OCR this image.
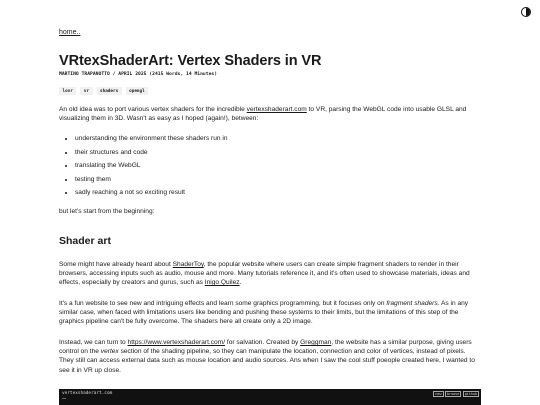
home..
VRtexShaderArt: Vertex Shaders in VR
MARTINO TRAPANOTTO / APRIL 2025 (2415 Words, 14 Minutes)
lovr	vr	shaders	opengl

An old idea was to port various vertex shaders for the incredible vertexshaderart.com to VR, parsing the WebGL code into usable GLSL and visualizing them in 3D. Wasn't as easy as I hoped (again!), between:

• understanding the environment these shaders run in
• their structures and code
• translating the WebGL
• testing them
• sadly reaching a not so exciting result

but let's start from the beginning:

Shader art

Some might have already heard about ShaderToy, the popular website where users can create simple fragment shaders to render in their browsers, accessing inputs such as audio, mouse and more. Many tutorials reference it, and it's often used to showcase materials, ideas and effects, especially by creators and gurus, such as Inigo Quilez.

It's a fun website to see new and intriguing effects and learn some graphics programming, but it focuses only on fragment shaders. As in any similar case, when faced with limitations users like bending and pushing these systems to their limits, but the limitations of this step of the graphics pipeline can't be fully overcome. The shaders here all create only a 2D image.

Instead, we can turn to https://www.vertexshaderart.com/ for salvation. Created by Greggman, the website has a similar purpose, giving users control on the vertex section of the shading pipeline, so they can manipulate the location, connection and color of vertices, instead of pixels. They still can access external data such as mouse location and audio sources. Ans when I saw the cool stuff poeople created here, I wanted to see it in VR up close.

vertexshaderart.com	new	browse	github
